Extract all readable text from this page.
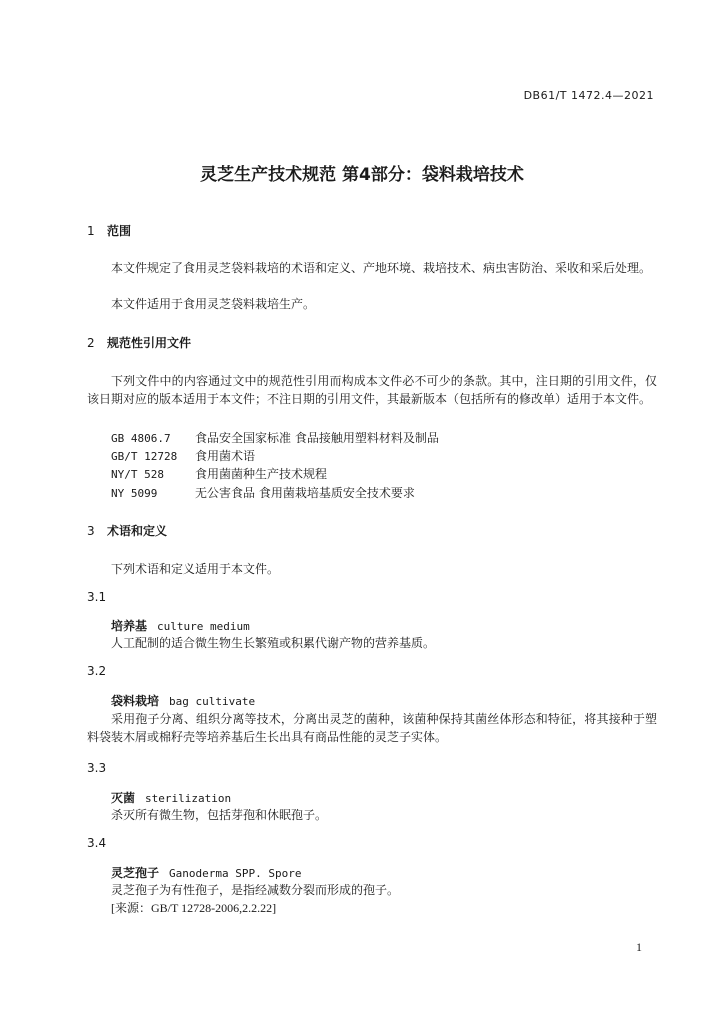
DB61/T 1472.4—2021
灵芝生产技术规范 第4部分：袋料栽培技术
1 范围
本文件规定了食用灵芝袋料栽培的术语和定义、产地环境、栽培技术、病虫害防治、采收和采后处理。
本文件适用于食用灵芝袋料栽培生产。
2 规范性引用文件
下列文件中的内容通过文中的规范性引用而构成本文件必不可少的条款。其中，注日期的引用文件，仅该日期对应的版本适用于本文件；不注日期的引用文件，其最新版本（包括所有的修改单）适用于本文件。
GB 4806.7 食品安全国家标准 食品接触用塑料材料及制品
GB/T 12728 食用菌术语
NY/T 528	食用菌菌种生产技术规程
NY 5099	无公害食品 食用菌栽培基质安全技术要求
3 术语和定义
下列术语和定义适用于本文件。
3.1
培养基 culture medium
人工配制的适合微生物生长繁殖或积累代谢产物的营养基质。
3.2
袋料栽培 bag cultivate
采用孢子分离、组织分离等技术，分离出灵芝的菌种，该菌种保持其菌丝体形态和特征，将其接种于塑料袋装木屑或棉籽壳等培养基后生长出具有商品性能的灵芝子实体。
3.3
灭菌 sterilization
杀灭所有微生物，包括芽孢和休眠孢子。
3.4
灵芝孢子 Ganoderma SPP. Spore
灵芝孢子为有性孢子，是指经减数分裂而形成的孢子。
[来源：GB/T 12728-2006,2.2.22]
1
